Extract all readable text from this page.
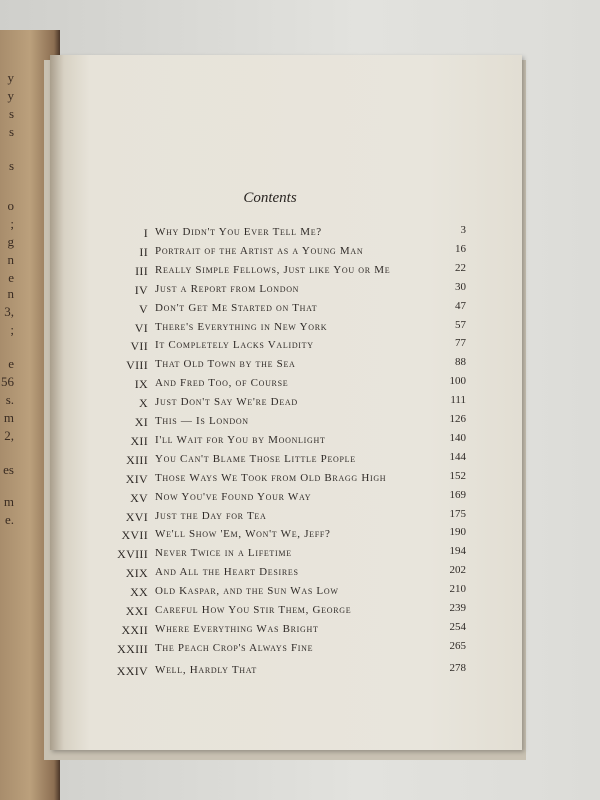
y
y
s
s
s
o
;
g
n
e
n
3,
;
e
56
s.
m
2,
es
m
e.
Contents
I Why Didn't You Ever Tell Me?	3
II Portrait of the Artist as a Young Man	16
III Really Simple Fellows, Just like You or Me	22
IV Just a Report from London	30
V Don't Get Me Started on That	47
VI There's Everything in New York	57
VII It Completely Lacks Validity	77
VIII That Old Town by the Sea	88
IX And Fred Too, of Course	100
X Just Don't Say We're Dead	111
XI This — Is London	126
XII I'll Wait for You by Moonlight	140
XIII You Can't Blame Those Little People	144
XIV Those Ways We Took from Old Bragg High	152
XV Now You've Found Your Way	169
XVI Just the Day for Tea	175
XVII We'll Show 'Em, Won't We, Jeff?	190
XVIII Never Twice in a Lifetime	194
XIX And All the Heart Desires	202
XX Old Kaspar, and the Sun Was Low	210
XXI Careful How You Stir Them, George	239
XXII Where Everything Was Bright	254
XXIII The Peach Crop's Always Fine	265
XXIV Well, Hardly That	278
